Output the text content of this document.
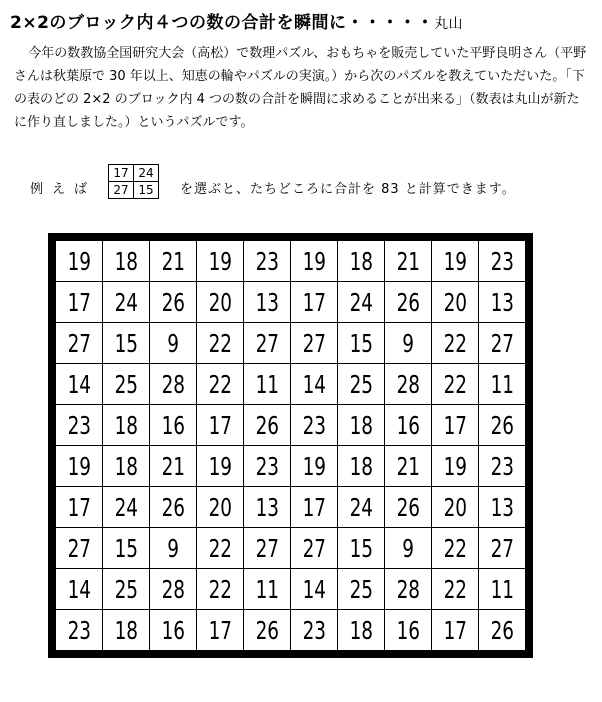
2×2のブロック内４つの数の合計を瞬間に・・・・・丸山
今年の数教協全国研究大会（高松）で数理パズル、おもちゃを販売していた平野良明さん（平野さんは秋葉原で 30 年以上、知恵の輪やパズルの実演。）から次のパズルを教えていただいた。「下の表のどの 2×2 のブロック内 4 つの数の合計を瞬間に求めることが出来る」（数表は丸山が新たに作り直しました。）というパズルです。
例えば
17	24
27	15 を選ぶと、たちどころに合計を 83 と計算できます。
19	18	21	19	23	19	18	21	19	23
17	24	26	20	13	17	24	26	20	13
27	15	9	22	27	27	15	9	22	27
14	25	28	22	11	14	25	28	22	11
23	18	16	17	26	23	18	16	17	26
19	18	21	19	23	19	18	21	19	23
17	24	26	20	13	17	24	26	20	13
27	15	9	22	27	27	15	9	22	27
14	25	28	22	11	14	25	28	22	11
23	18	16	17	26	23	18	16	17	26
